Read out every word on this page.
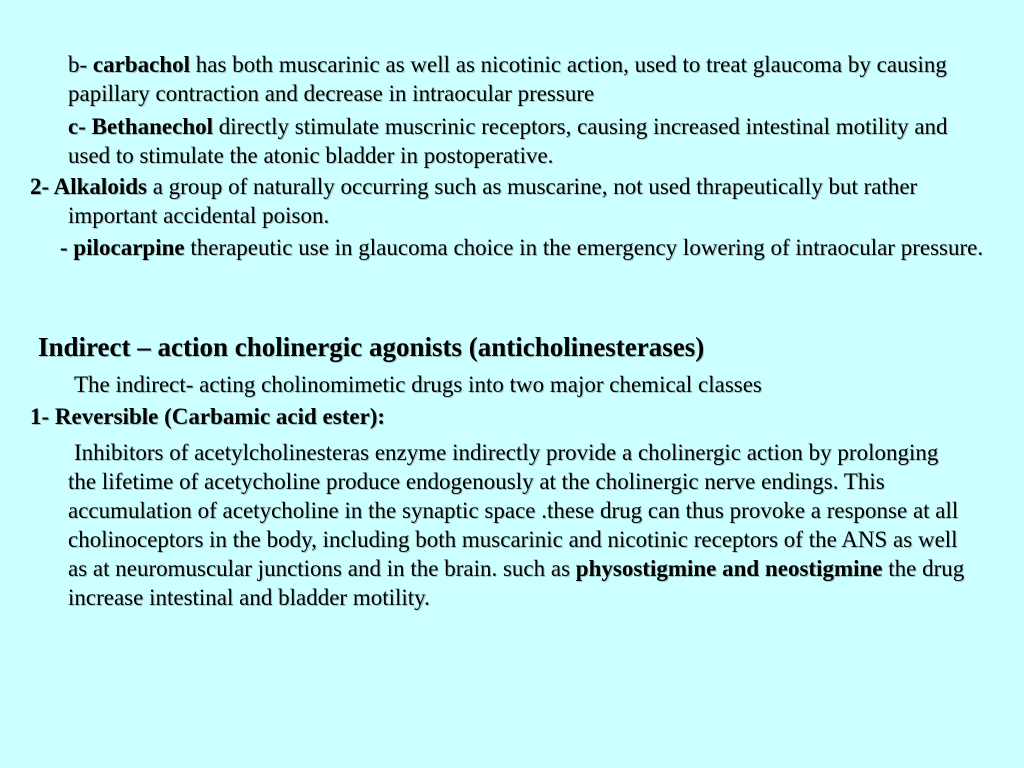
b- carbachol has both muscarinic as well as nicotinic action, used to treat glaucoma by causing papillary contraction and decrease in intraocular pressure
c- Bethanechol directly stimulate muscrinic receptors, causing increased intestinal motility and used to stimulate the atonic bladder in postoperative.
2- Alkaloids a group of naturally occurring such as muscarine, not used thrapeutically but rather important accidental poison.
- pilocarpine therapeutic use in glaucoma choice in the emergency lowering of intraocular pressure.
Indirect – action cholinergic agonists (anticholinesterases)
The indirect- acting cholinomimetic drugs into two major chemical classes
1- Reversible (Carbamic acid ester):
Inhibitors of acetylcholinesteras enzyme indirectly provide a cholinergic action by prolonging the lifetime of acetycholine produce endogenously at the cholinergic nerve endings. This accumulation of acetycholine in the synaptic space .these drug can thus provoke a response at all cholinoceptors in the body, including both muscarinic and nicotinic receptors of the ANS as well as at neuromuscular junctions and in the brain. such as physostigmine and neostigmine the drug increase intestinal and bladder motility.
